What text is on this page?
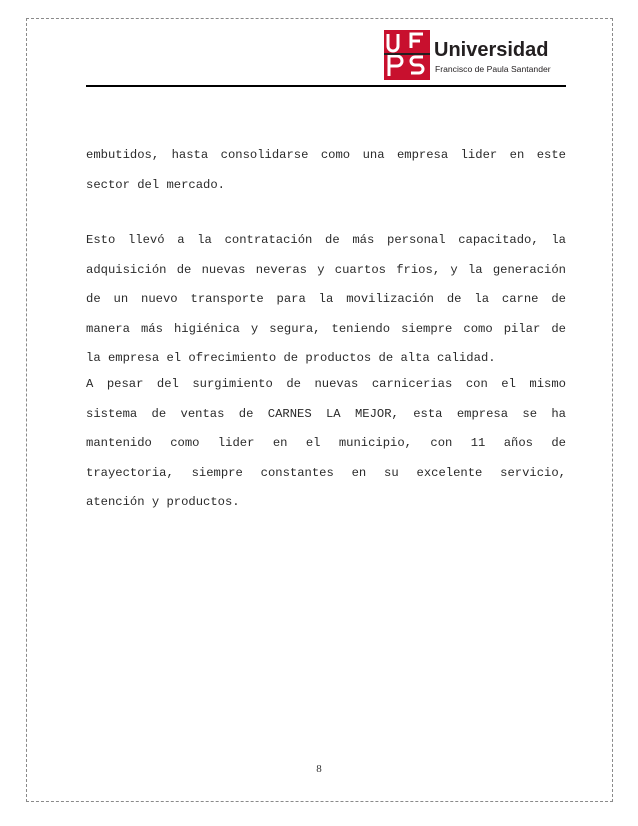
Universidad
Francisco de Paula Santander
embutidos, hasta consolidarse como una empresa lider en este
sector del mercado.
Esto llevó a la contratación de más personal capacitado, la
adquisición de nuevas neveras y cuartos frios, y la generación
de un nuevo transporte para la movilización de la carne de
manera más higiénica y segura, teniendo siempre como pilar de
la empresa el ofrecimiento de productos de alta calidad.
A pesar del surgimiento de nuevas carnicerias con el mismo
sistema de ventas de CARNES LA MEJOR, esta empresa se ha
mantenido como lider en el municipio, con 11 años de
trayectoria, siempre constantes en su excelente servicio,
atención y productos.
8
